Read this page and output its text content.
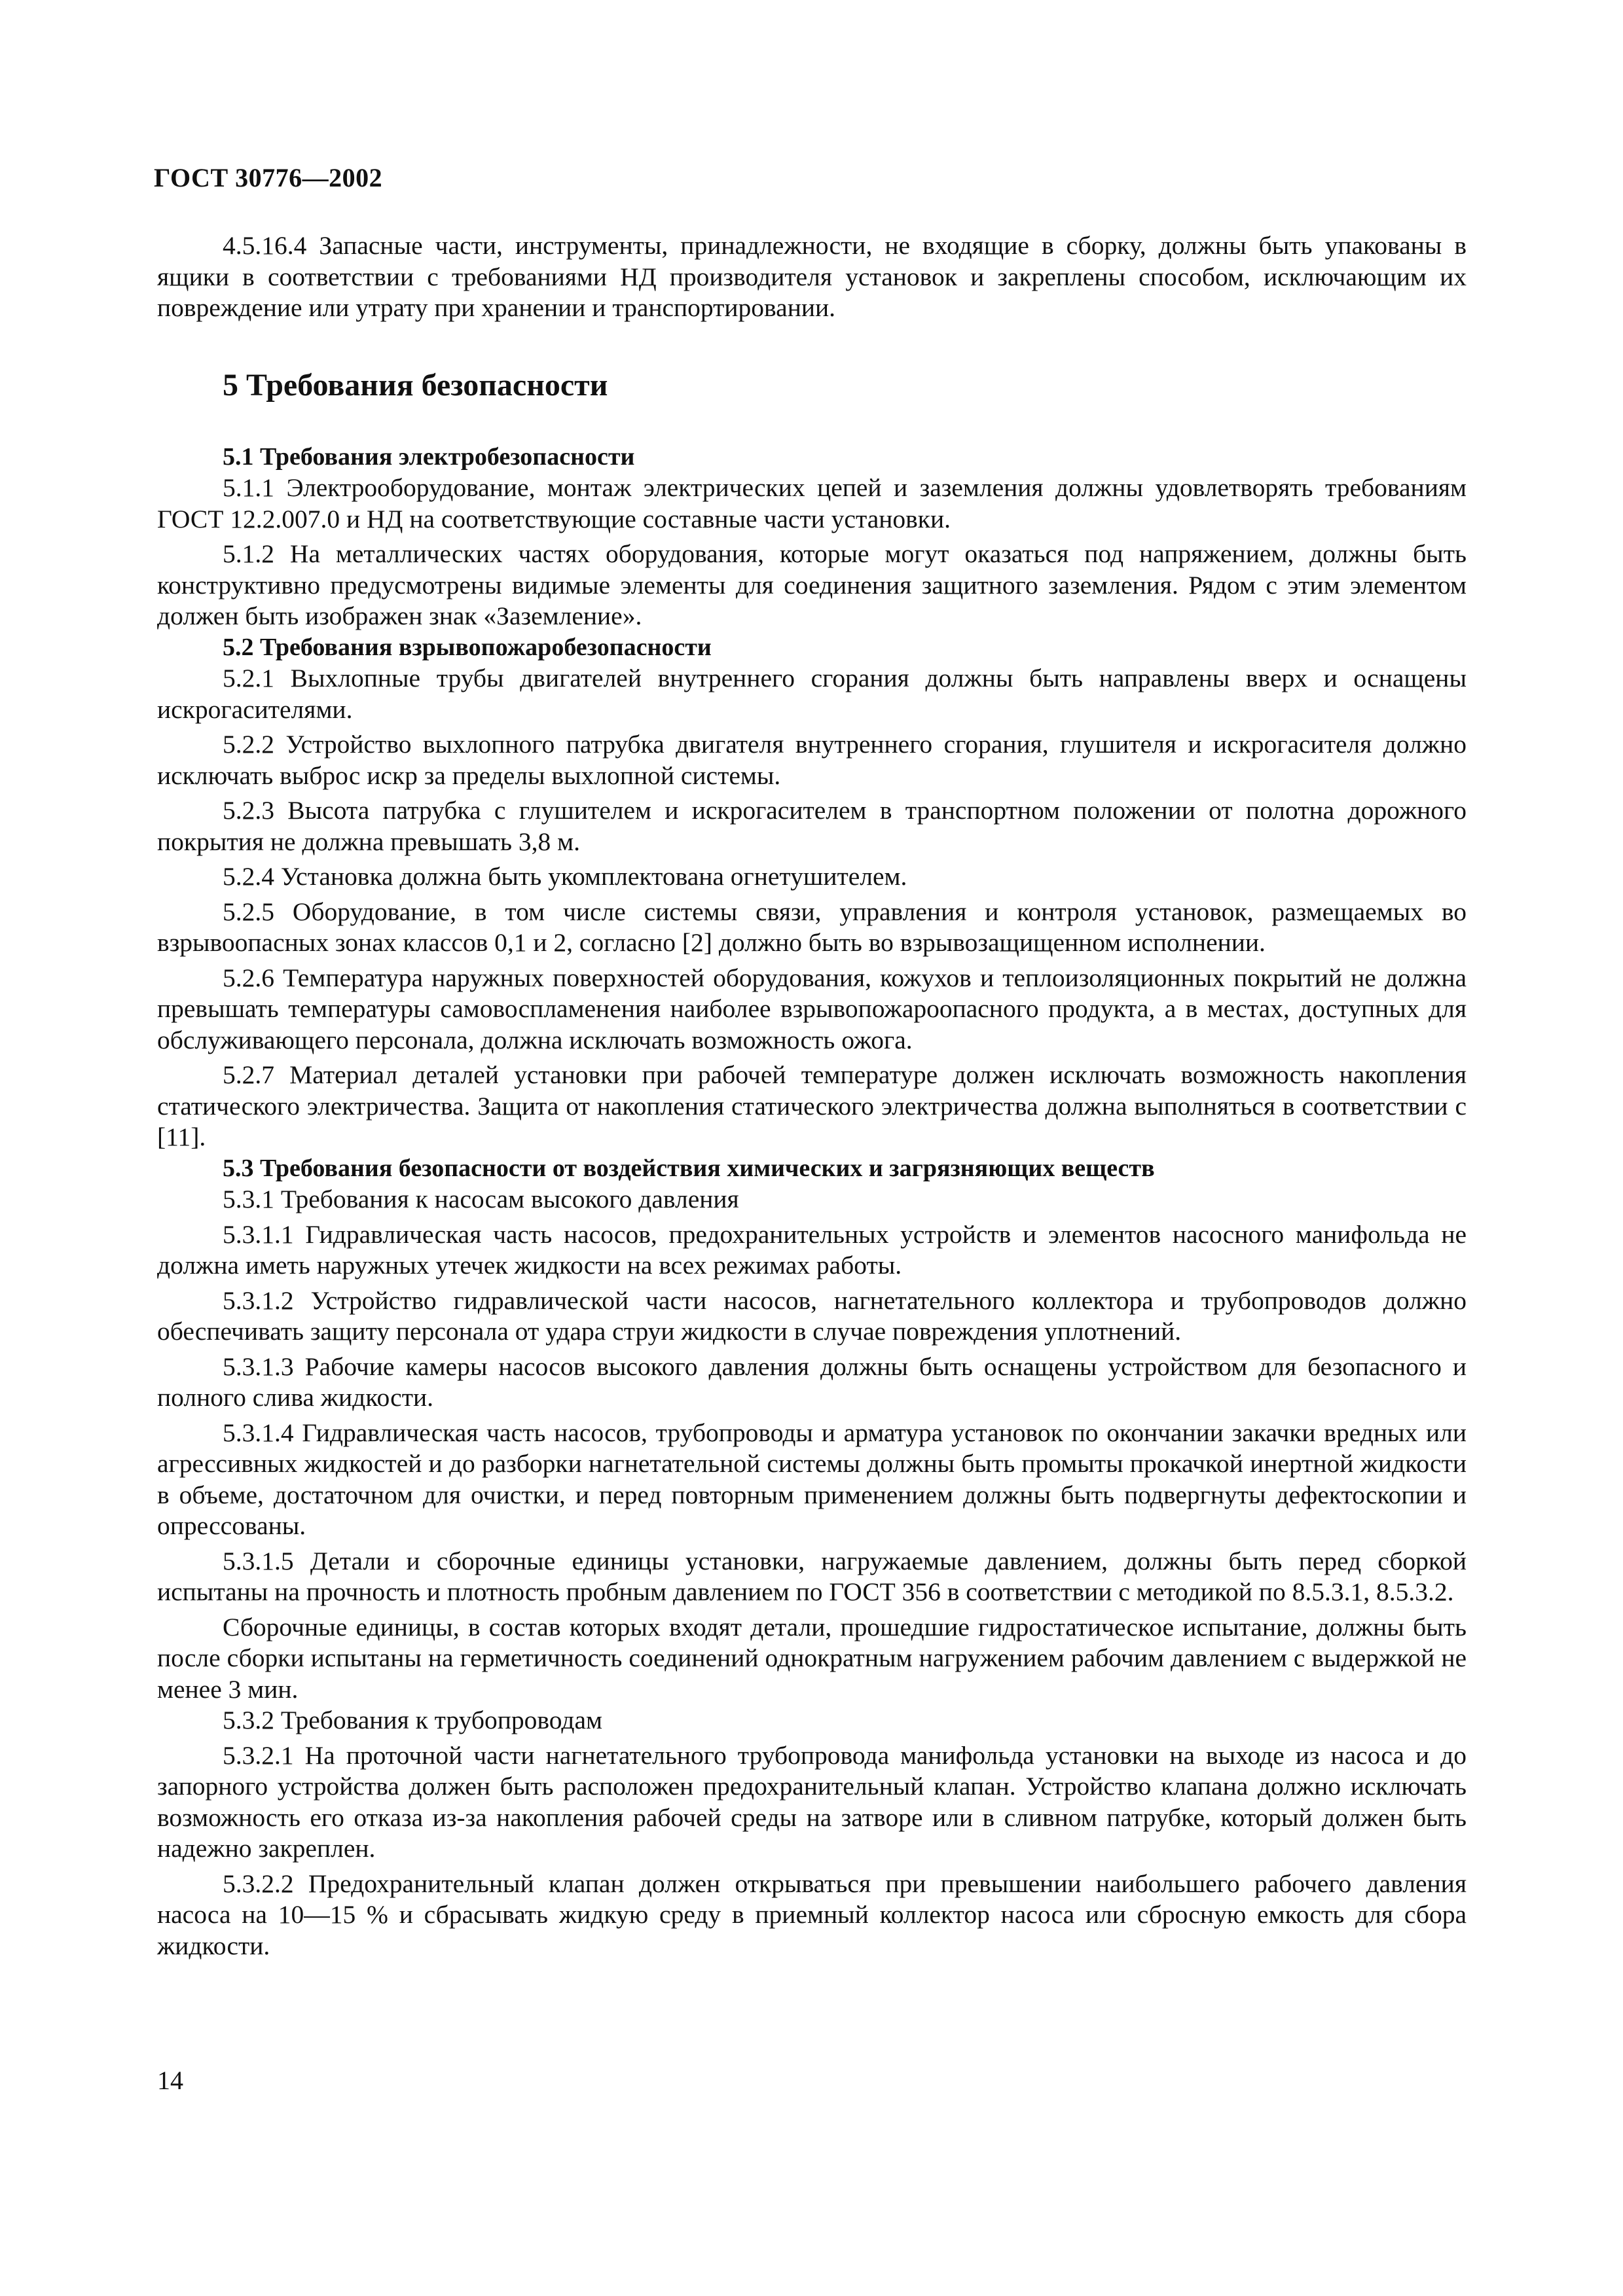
ГОСТ 30776—2002

4.5.16.4 Запасные части, инструменты, принадлежности, не входящие в сборку, должны быть упакованы в ящики в соответствии с требованиями НД производителя установок и закреплены способом, исключающим их повреждение или утрату при хранении и транспортировании.

5 Требования безопасности

5.1 Требования электробезопасности

5.1.1 Электрооборудование, монтаж электрических цепей и заземления должны удовлетворять требованиям ГОСТ 12.2.007.0 и НД на соответствующие составные части установки.

5.1.2 На металлических частях оборудования, которые могут оказаться под напряжением, должны быть конструктивно предусмотрены видимые элементы для соединения защитного заземления. Рядом с этим элементом должен быть изображен знак «Заземление».

5.2 Требования взрывопожаробезопасности

5.2.1 Выхлопные трубы двигателей внутреннего сгорания должны быть направлены вверх и оснащены искрогасителями.

5.2.2 Устройство выхлопного патрубка двигателя внутреннего сгорания, глушителя и искрогасителя должно исключать выброс искр за пределы выхлопной системы.

5.2.3 Высота патрубка с глушителем и искрогасителем в транспортном положении от полотна дорожного покрытия не должна превышать 3,8 м.

5.2.4 Установка должна быть укомплектована огнетушителем.

5.2.5 Оборудование, в том числе системы связи, управления и контроля установок, размещаемых во взрывоопасных зонах классов 0,1 и 2, согласно [2] должно быть во взрывозащищенном исполнении.

5.2.6 Температура наружных поверхностей оборудования, кожухов и теплоизоляционных покрытий не должна превышать температуры самовоспламенения наиболее взрывопожароопасного продукта, а в местах, доступных для обслуживающего персонала, должна исключать возможность ожога.

5.2.7 Материал деталей установки при рабочей температуре должен исключать возможность накопления статического электричества. Защита от накопления статического электричества должна выполняться в соответствии с [11].

5.3 Требования безопасности от воздействия химических и загрязняющих веществ

5.3.1 Требования к насосам высокого давления

5.3.1.1 Гидравлическая часть насосов, предохранительных устройств и элементов насосного манифольда не должна иметь наружных утечек жидкости на всех режимах работы.

5.3.1.2 Устройство гидравлической части насосов, нагнетательного коллектора и трубопроводов должно обеспечивать защиту персонала от удара струи жидкости в случае повреждения уплотнений.

5.3.1.3 Рабочие камеры насосов высокого давления должны быть оснащены устройством для безопасного и полного слива жидкости.

5.3.1.4 Гидравлическая часть насосов, трубопроводы и арматура установок по окончании закачки вредных или агрессивных жидкостей и до разборки нагнетательной системы должны быть промыты прокачкой инертной жидкости в объеме, достаточном для очистки, и перед повторным применением должны быть подвергнуты дефектоскопии и опрессованы.

5.3.1.5 Детали и сборочные единицы установки, нагружаемые давлением, должны быть перед сборкой испытаны на прочность и плотность пробным давлением по ГОСТ 356 в соответствии с методикой по 8.5.3.1, 8.5.3.2.

Сборочные единицы, в состав которых входят детали, прошедшие гидростатическое испытание, должны быть после сборки испытаны на герметичность соединений однократным нагружением рабочим давлением с выдержкой не менее 3 мин.

5.3.2 Требования к трубопроводам

5.3.2.1 На проточной части нагнетательного трубопровода манифольда установки на выходе из насоса и до запорного устройства должен быть расположен предохранительный клапан. Устройство клапана должно исключать возможность его отказа из-за накопления рабочей среды на затворе или в сливном патрубке, который должен быть надежно закреплен.

5.3.2.2 Предохранительный клапан должен открываться при превышении наибольшего рабочего давления насоса на 10—15 % и сбрасывать жидкую среду в приемный коллектор насоса или сбросную емкость для сбора жидкости.

14
